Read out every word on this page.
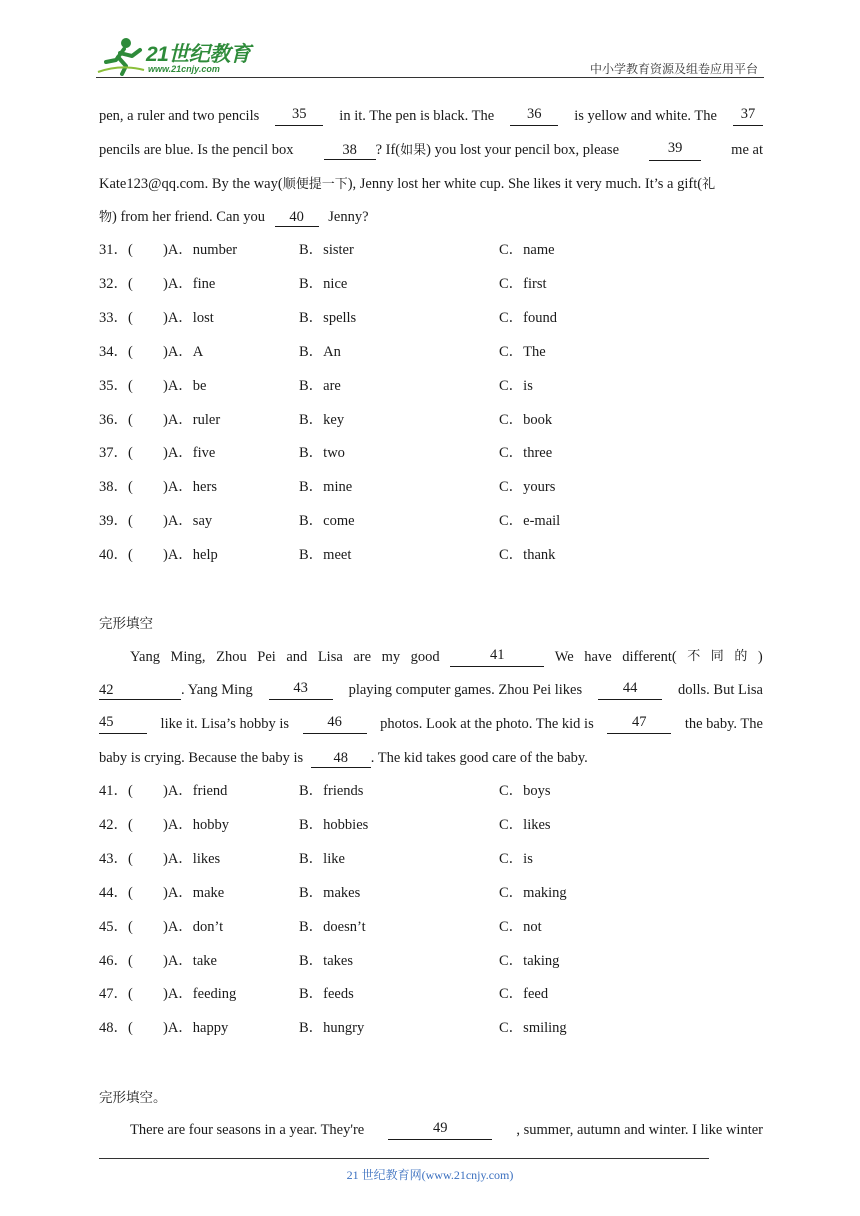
21世纪教育
www.21cnjy.com	中小学教育资源及组卷应用平台
pen, a ruler and two pencils	35	in it. The pen is black. The	36	is yellow and white. The	37
pencils are blue. Is the pencil box	38 ? If(如果) you lost your pencil box, please	39	me at
Kate123@qq.com. By the way(顺便提一下), Jenny lost her white cup. She likes it very much. It’s a gift(礼
物) from her friend. Can you 40 Jenny?
31．( )A．number	B．sister	C．name
32．( )A．fine	B．nice	C．first
33．( )A．lost	B．spells	C．found
34．( )A．A	B．An	C．The
35．( )A．be	B．are	C．is
36．( )A．ruler	B．key	C．book
37．( )A．five	B．two	C．three
38．( )A．hers	B．mine	C．yours
39．( )A．say	B．come	C．e-mail
40．( )A．help	B．meet	C．thank
完形填空
Yang Ming, Zhou Pei and Lisa are my good	41	We have different( 不 同 的 )
42	. Yang Ming	43	playing computer games. Zhou Pei likes	44	dolls. But Lisa
45	like it. Lisa’s hobby is	46	photos. Look at the photo. The kid is	47	the baby. The
baby is crying. Because the baby is 48 . The kid takes good care of the baby.
41．( )A．friend	B．friends	C．boys
42．( )A．hobby	B．hobbies	C．likes
43．( )A．likes	B．like	C．is
44．( )A．make	B．makes	C．making
45．( )A．don’t	B．doesn’t	C．not
46．( )A．take	B．takes	C．taking
47．( )A．feeding	B．feeds	C．feed
48．( )A．happy	B．hungry	C．smiling
完形填空。
There are four seasons in a year. They're	49	, summer, autumn and winter. I like winter
21 世纪教育网(www.21cnjy.com)
